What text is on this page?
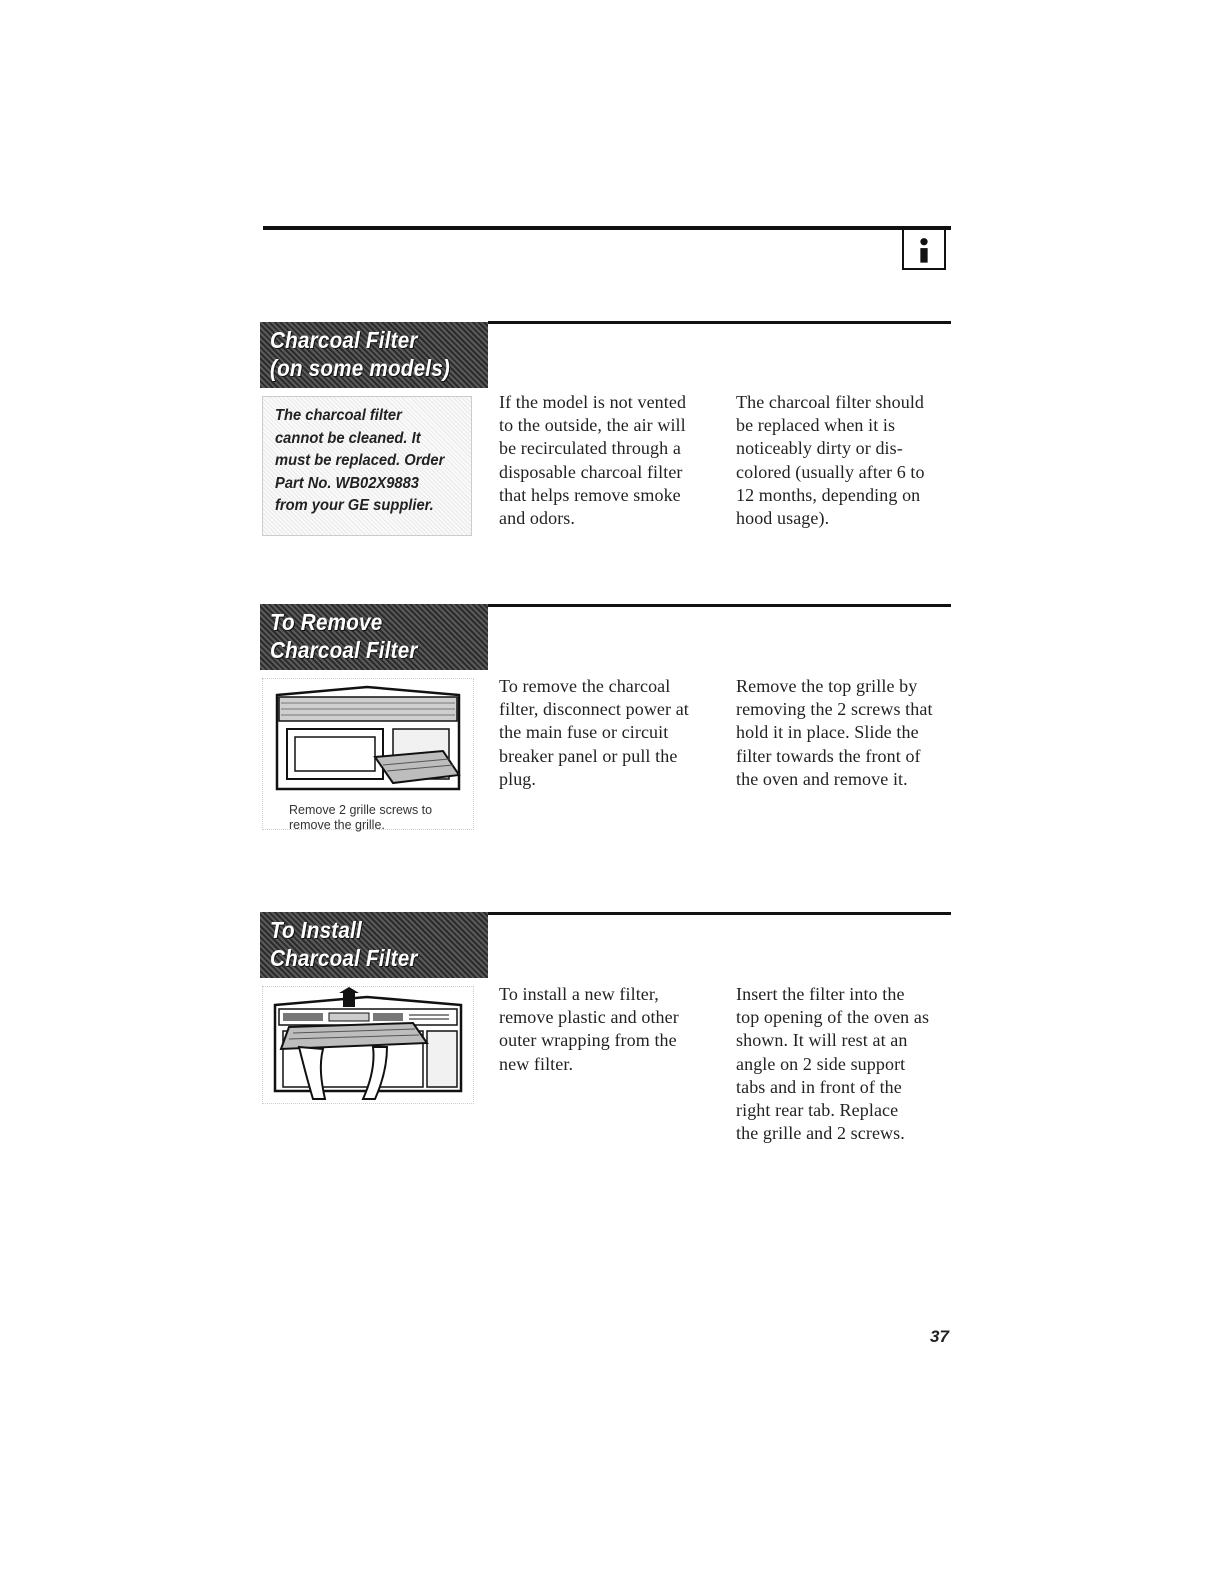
Charcoal Filter
(on some models)
The charcoal filter
cannot be cleaned. It
must be replaced. Order
Part No. WB02X9883
from your GE supplier.
If the model is not vented
to the outside, the air will
be recirculated through a
disposable charcoal filter
that helps remove smoke
and odors.
The charcoal filter should
be replaced when it is
noticeably dirty or dis-
colored (usually after 6 to
12 months, depending on
hood usage).
To Remove
Charcoal Filter
Remove 2 grille screws to
remove the grille.
To remove the charcoal
filter, disconnect power at
the main fuse or circuit
breaker panel or pull the
plug.
Remove the top grille by
removing the 2 screws that
hold it in place. Slide the
filter towards the front of
the oven and remove it.
To Install
Charcoal Filter
To install a new filter,
remove plastic and other
outer wrapping from the
new filter.
Insert the filter into the
top opening of the oven as
shown. It will rest at an
angle on 2 side support
tabs and in front of the
right rear tab. Replace
the grille and 2 screws.
37
